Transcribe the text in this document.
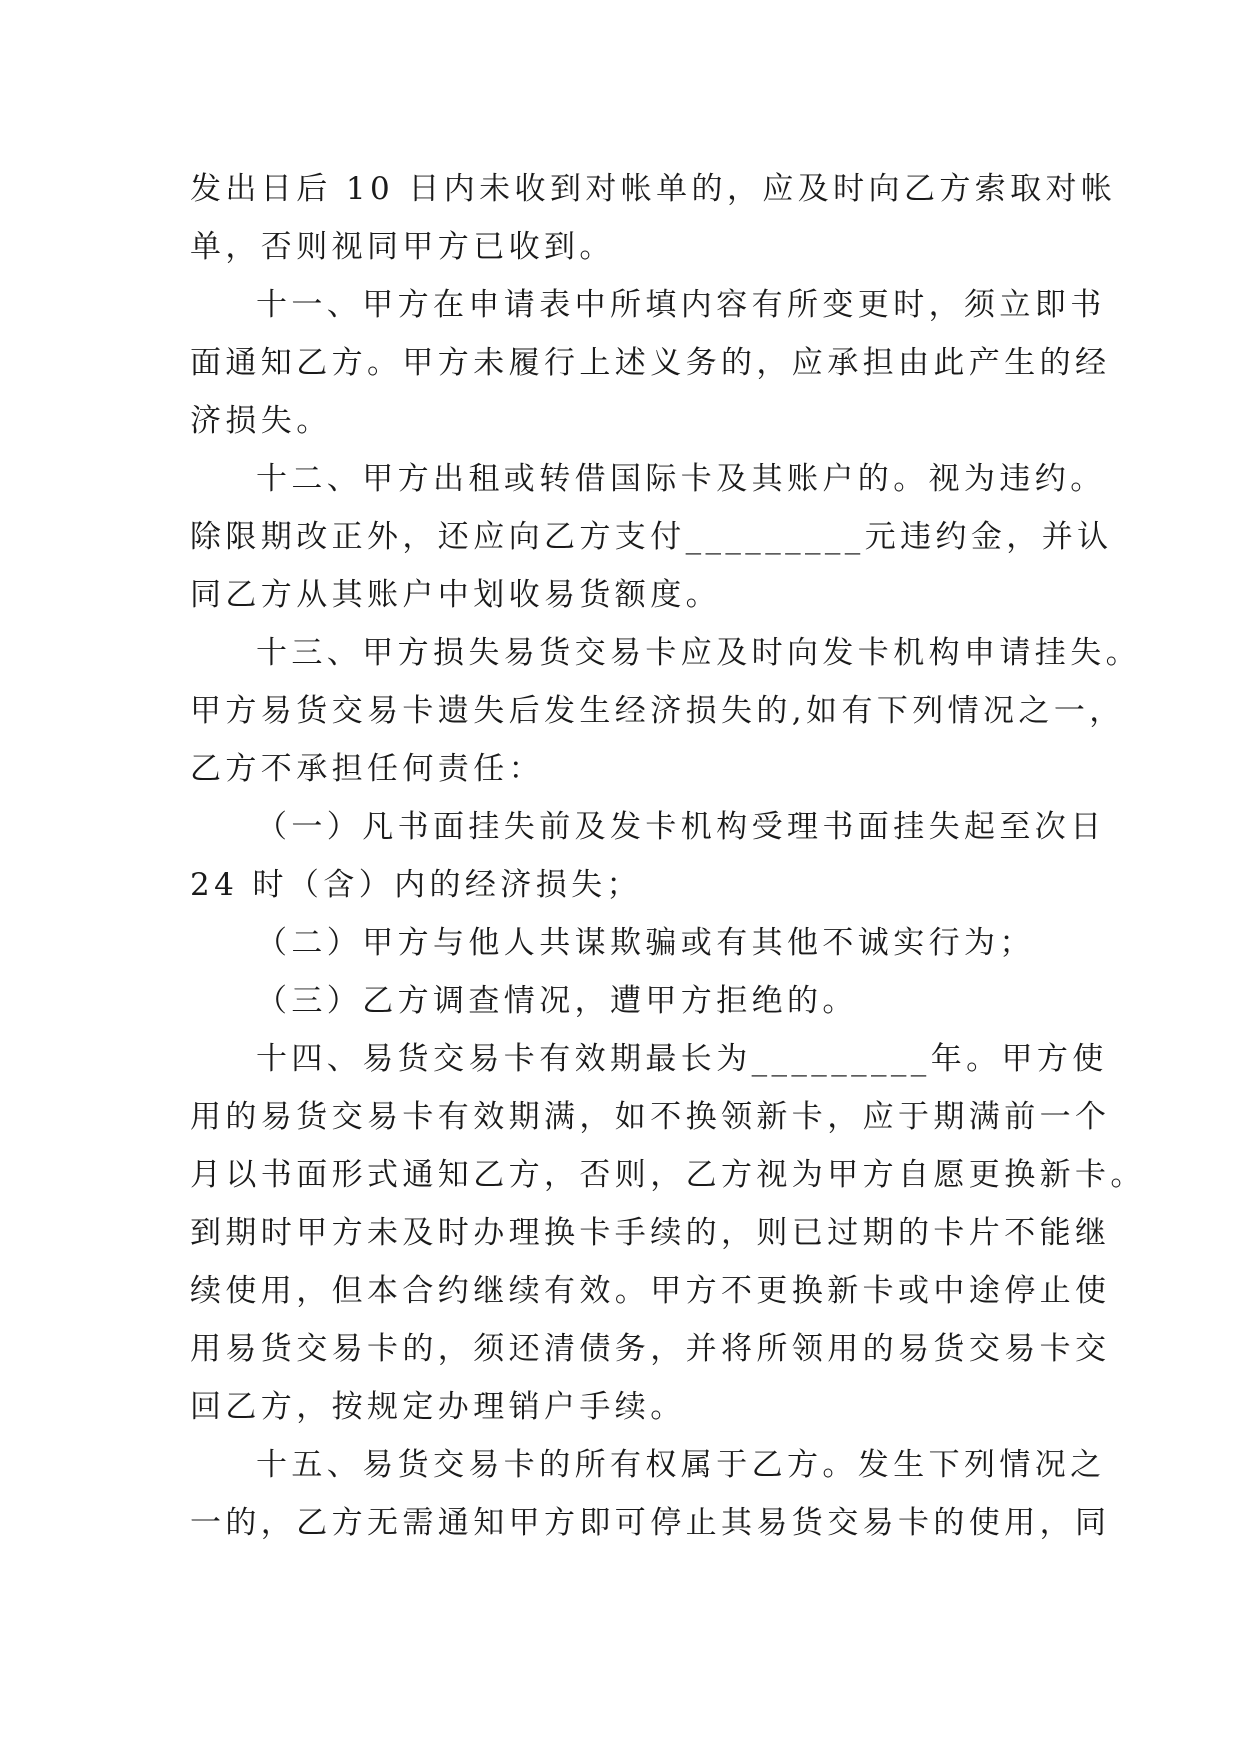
发出日后 10 日内未收到对帐单的，应及时向乙方索取对帐
单，否则视同甲方已收到。
十一、甲方在申请表中所填内容有所变更时，须立即书
面通知乙方。甲方未履行上述义务的，应承担由此产生的经
济损失。
十二、甲方出租或转借国际卡及其账户的。视为违约。
除限期改正外，还应向乙方支付_________元违约金，并认
同乙方从其账户中划收易货额度。
十三、甲方损失易货交易卡应及时向发卡机构申请挂失。
甲方易货交易卡遗失后发生经济损失的,如有下列情况之一，
乙方不承担任何责任：
（一）凡书面挂失前及发卡机构受理书面挂失起至次日
24 时（含）内的经济损失；
（二）甲方与他人共谋欺骗或有其他不诚实行为；
（三）乙方调查情况，遭甲方拒绝的。
十四、易货交易卡有效期最长为_________年。甲方使
用的易货交易卡有效期满，如不换领新卡，应于期满前一个
月以书面形式通知乙方，否则，乙方视为甲方自愿更换新卡。
到期时甲方未及时办理换卡手续的，则已过期的卡片不能继
续使用，但本合约继续有效。甲方不更换新卡或中途停止使
用易货交易卡的，须还清债务，并将所领用的易货交易卡交
回乙方，按规定办理销户手续。
十五、易货交易卡的所有权属于乙方。发生下列情况之
一的，乙方无需通知甲方即可停止其易货交易卡的使用，同
